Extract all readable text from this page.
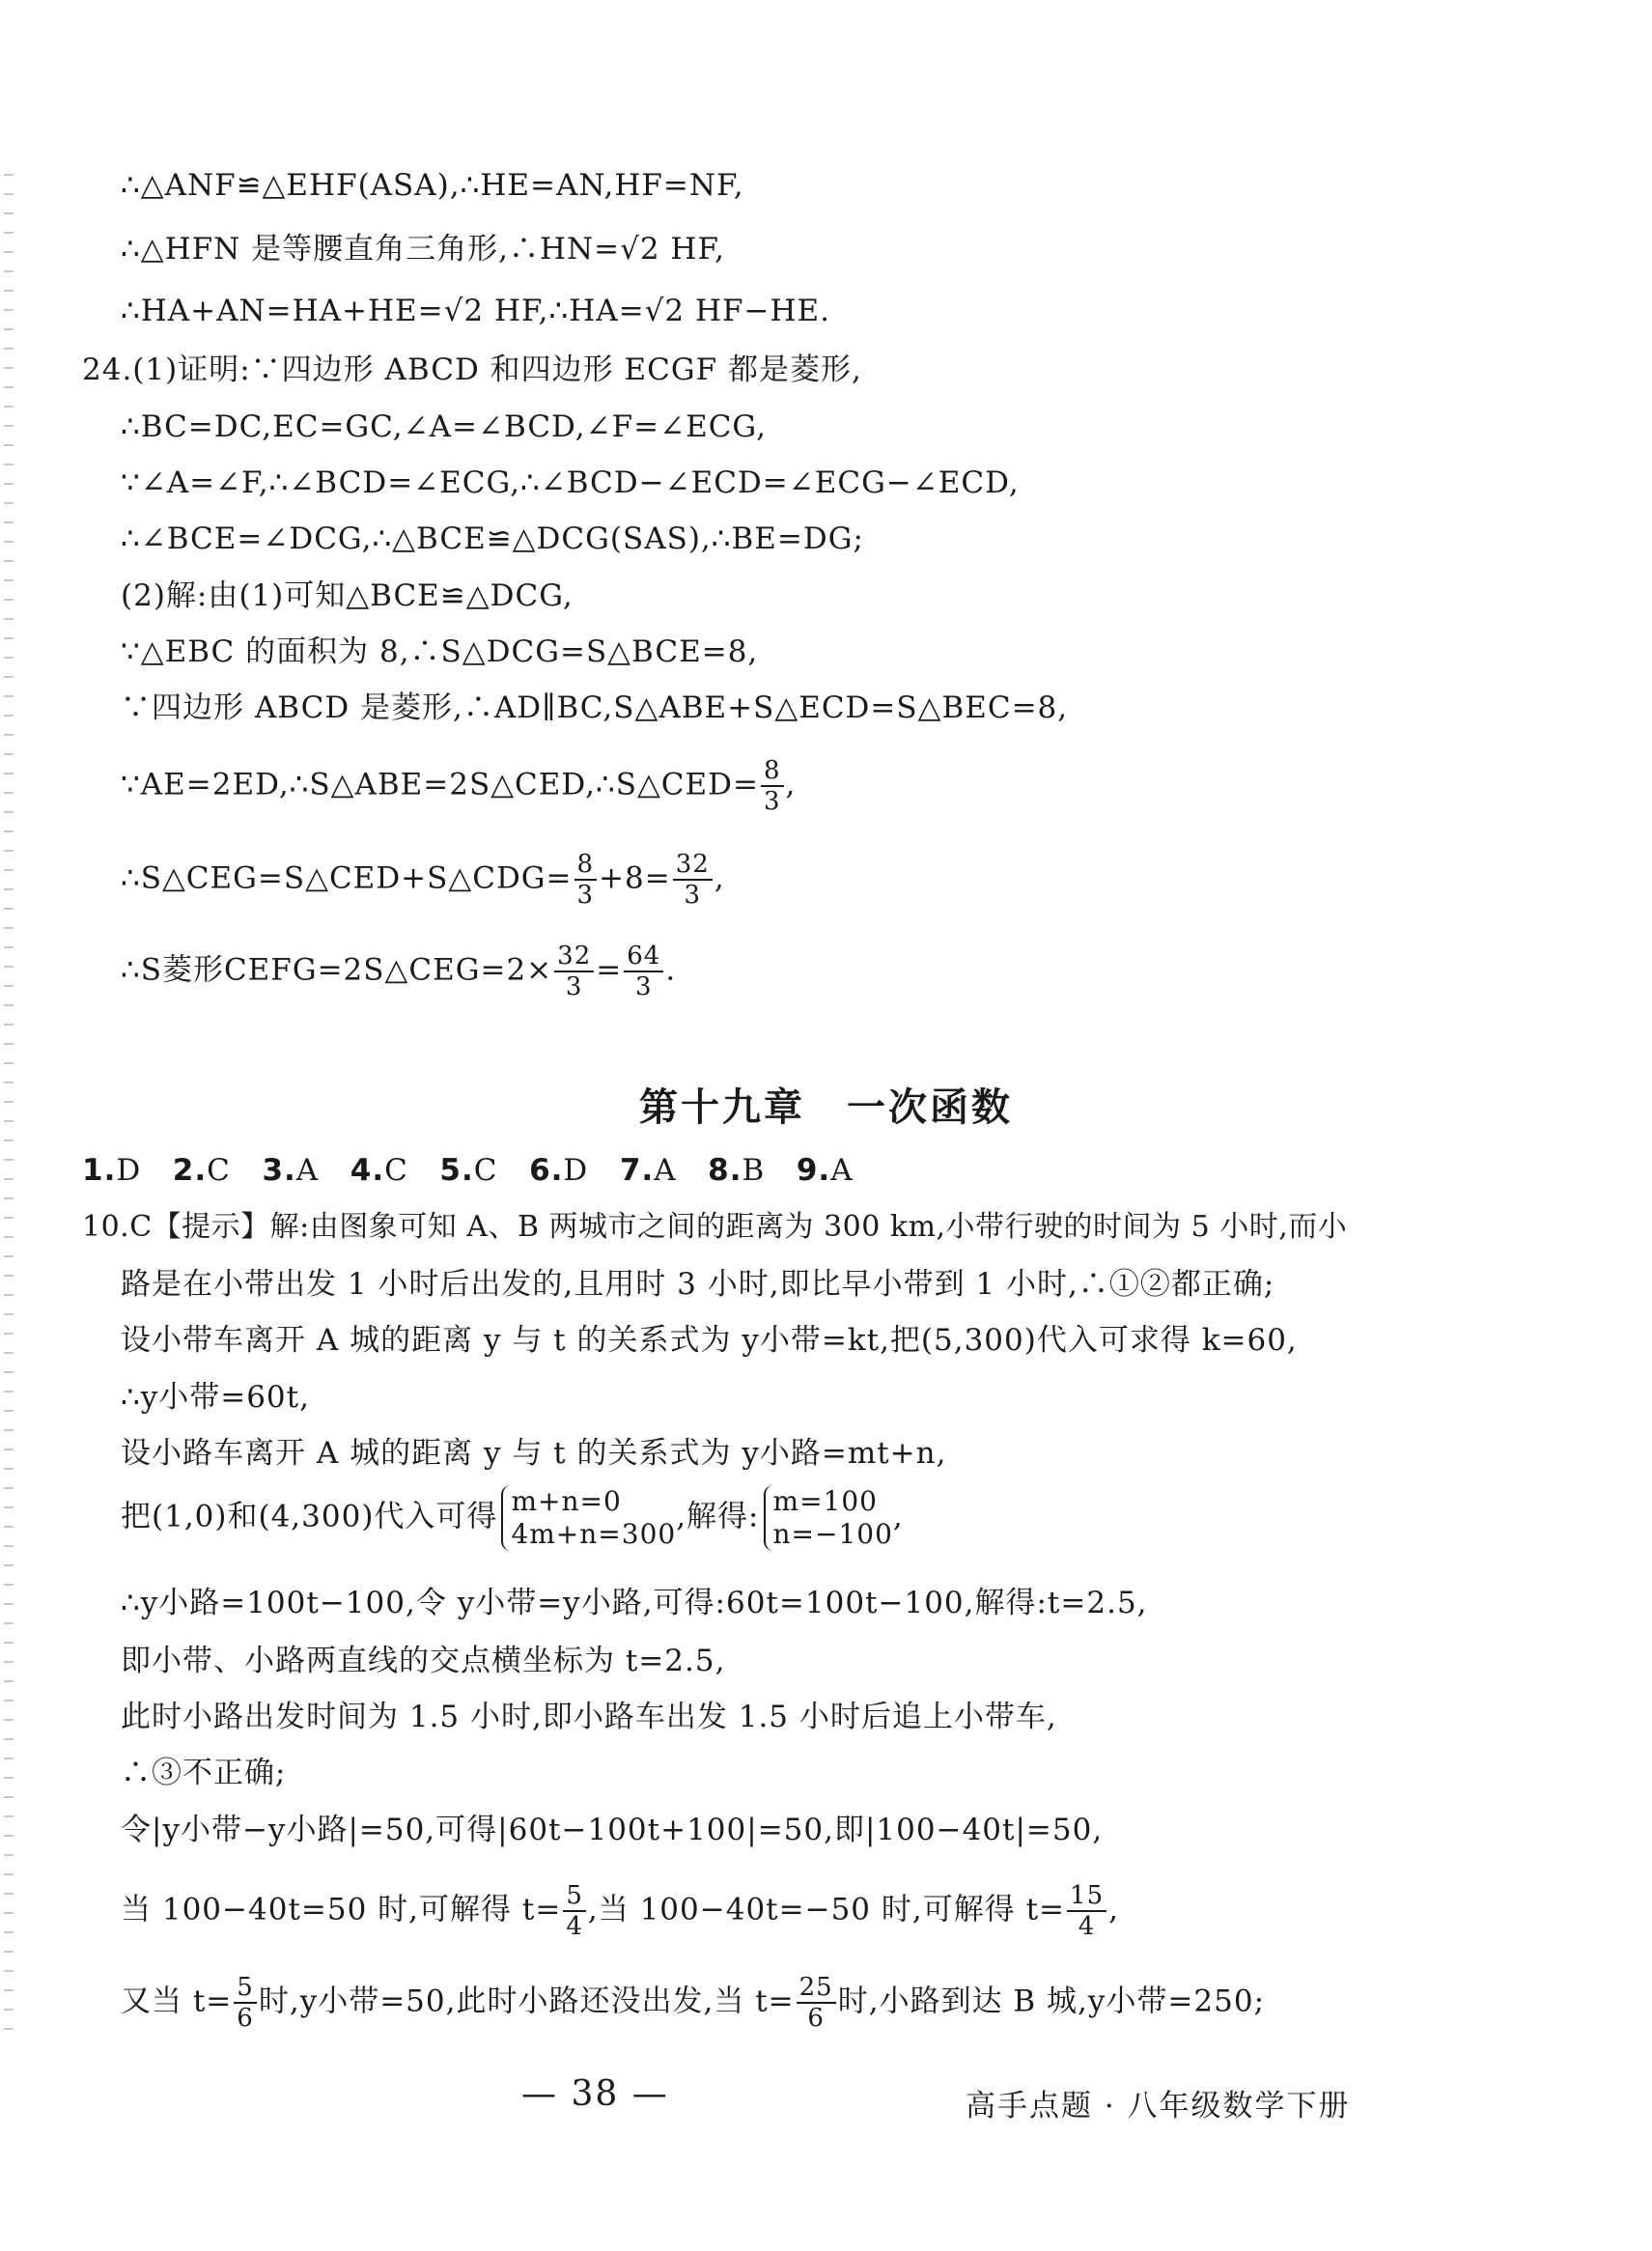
∴△ANF≌△EHF(ASA),∴HE=AN,HF=NF,
∴△HFN 是等腰直角三角形,∴HN=√2 HF,
∴HA+AN=HA+HE=√2 HF,∴HA=√2 HF−HE.
24.(1)证明:∵四边形 ABCD 和四边形 ECGF 都是菱形,
∴BC=DC,EC=GC,∠A=∠BCD,∠F=∠ECG,
∵∠A=∠F,∴∠BCD=∠ECG,∴∠BCD−∠ECD=∠ECG−∠ECD,
∴∠BCE=∠DCG,∴△BCE≌△DCG(SAS),∴BE=DG;
(2)解:由(1)可知△BCE≌△DCG,
∵△EBC 的面积为 8,∴S△DCG=S△BCE=8,
∵四边形 ABCD 是菱形,∴AD∥BC,S△ABE+S△ECD=S△BEC=8,
∵AE=2ED,∴S△ABE=2S△CED,∴S△CED= $\frac{8}{3}$ ,
∴S△CEG=S△CED+S△CDG= $\frac{8}{3} +8= \frac{32}{3}$ ,
∴S菱形CEFG=2S△CEG=2× $\frac{32}{3} = \frac{64}{3}$ .
第十九章　一次函数
1.D 2.C 3.A 4.C 5.C 6.D 7.A 8.B 9.A
10.C【提示】解:由图象可知 A、B 两城市之间的距离为 300 km,小带行驶的时间为 5 小时,而小
路是在小带出发 1 小时后出发的,且用时 3 小时,即比早小带到 1 小时,∴①②都正确;
设小带车离开 A 城的距离 y 与 t 的关系式为 y小带=kt,把(5,300)代入可求得 k=60,
∴y小带=60t,
设小路车离开 A 城的距离 y 与 t 的关系式为 y小路=mt+n,
把(1,0)和(4,300)代入可得 m+n=0
4m+n=300 ,解得: m=100
n=−100 ,
∴y小路=100t−100,令 y小带=y小路,可得:60t=100t−100,解得:t=2.5,
即小带、小路两直线的交点横坐标为 t=2.5,
此时小路出发时间为 1.5 小时,即小路车出发 1.5 小时后追上小带车,
∴③不正确;
令|y小带−y小路|=50,可得|60t−100t+100|=50,即|100−40t|=50,
当 100−40t=50 时,可解得 $t= \frac{5}{4}$ ,当 100−40t=−50 时,可解得 $t= \frac{15}{4}$ ,
又当 $t= \frac{5}{6}$ 时,y小带=50,此时小路还没出发,当 $t= \frac{25}{6}$ 时,小路到达 B 城,y小带=250;
— 38 —	高手点题 · 八年级数学下册
